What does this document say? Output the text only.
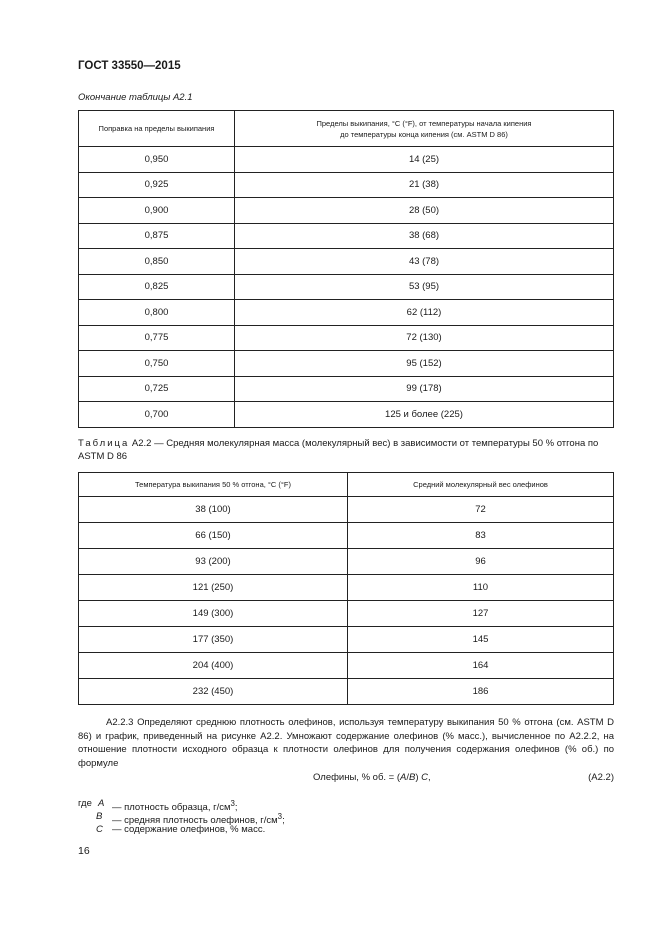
ГОСТ 33550—2015
Окончание таблицы А2.1
Поправка на пределы выкипания	Пределы выкипания, °С (°F), от температуры начала кипения
до температуры конца кипения (см. ASTM D 86)
0,950	14 (25)
0,925	21 (38)
0,900	28 (50)
0,875	38 (68)
0,850	43 (78)
0,825	53 (95)
0,800	62 (112)
0,775	72 (130)
0,750	95 (152)
0,725	99 (178)
0,700	125 и более (225)
Таблица А2.2 — Средняя молекулярная масса (молекулярный вес) в зависимости от температуры 50 % отгона по ASTM D 86
Температура выкипания 50 % отгона, °С (°F)	Средний молекулярный вес олефинов
38 (100)	72
66 (150)	83
93 (200)	96
121 (250)	110
149 (300)	127
177 (350)	145
204 (400)	164
232 (450)	186
А2.2.3 Определяют среднюю плотность олефинов, используя температуру выкипания 50 % отгона (см. ASTM D 86) и график, приведенный на рисунке А2.2. Умножают содержание олефинов (% масс.), вычисленное по А2.2.2, на отношение плотности исходного образца к плотности олефинов для получения содержания олефинов (% об.) по формуле
Олефины, % об. = (A/B) C,	(А2.2)
где A — плотность образца, $г/см^3$;
B — средняя плотность олефинов, $г/см^3$;
C — содержание олефинов, % масс.
16
